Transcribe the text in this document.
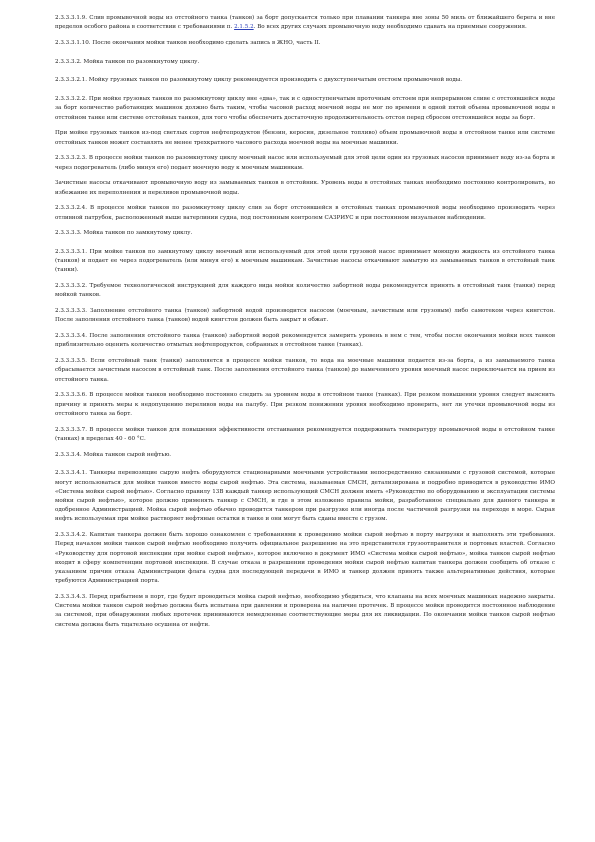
2.3.3.3.1.9. Слив промывочной воды из отстойного танка (танков) за борт допускается только при плавании танкера вне зоны 50 миль от ближайшего берега и вне пределов особого района в соответствии с требованиями п. 2.1.5.2. Во всех других случаях промывочную воду необходимо сдавать на приемные сооружения.

2.3.3.3.1.10. После окончания мойки танков необходимо сделать запись в ЖНО, часть II.

2.3.3.3.2. Мойка танков по разомкнутому циклу.

2.3.3.3.2.1. Мойку грузовых танков по разомкнутому циклу рекомендуется производить с двухступенчатым отстоем промывочной воды.

2.3.3.3.2.2. При мойке грузовых танков по разомкнутому циклу вне «два», так и с одноступенчатым проточным отстоем при непрерывном сливе с отстоявшейся воды за борт количество работающих машинок должно быть таким, чтобы часовой расход моечной воды не мог по времени в одной пятой объема промывочной воды в отстойном танке или системе отстойных танков, для того чтобы обеспечить достаточную продолжительность отстоя перед сбросом отстоявшейся воды за борт.

При мойке грузовых танков из-под светлых сортов нефтепродуктов (бензин, керосин, дизельное топливо) объем промывочной воды в отстойном танке или системе отстойных танков может составлять не менее трехкратного часового расхода моечной воды на моечные машинки.

2.3.3.3.2.3. В процессе мойки танков по разомкнутому циклу моечный насос или используемый для этой цели один из грузовых насосов принимает воду из-за борта и через подогреватель (либо минуя его) подает моечную воду к моечным машинкам.

Зачистные насосы откачивают промывочную воду из замываемых танков в отстойник. Уровень воды в отстойных танках необходимо постоянно контролировать, во избежание их переполнения и переливов промывочной воды.

2.3.3.3.2.4. В процессе мойки танков по разомкнутому циклу слив за борт отстоявшейся в отстойных танках промывочной воды необходимо производить через отливной патрубок, расположенный выше ватерлинии судна, под постоянным контролем САЗРИУС и при постоянном визуальном наблюдении.

2.3.3.3.3. Мойка танков по замкнутому циклу.

2.3.3.3.3.1. При мойке танков по замкнутому циклу моечный или используемый для этой цели грузовой насос принимает моющую жидкость из отстойного танка (танков) и подает ее через подогреватель (или минуя его) к моечным машинкам. Зачистные насосы откачивают замытую из замываемых танков в отстойный танк (танки).

2.3.3.3.3.2. Требуемое технологической инструкцией для каждого вида мойки количество забортной воды рекомендуется принять в отстойный танк (танки) перед мойкой танков.

2.3.3.3.3.3. Заполнение отстойного танка (танков) забортной водой производится насосом (моечным, зачистным или грузовым) либо самотеком через кингстон. После заполнения отстойного танка (танков) водой кингстон должен быть закрыт и обжат.

2.3.3.3.3.4. После заполнения отстойного танка (танков) забортной водой рекомендуется замерить уровень в нем с тем, чтобы после окончания мойки всех танков приблизительно оценить количество отмытых нефтепродуктов, собранных в отстойном танке (танках).

2.3.3.3.3.5. Если отстойный танк (танки) заполняется в процессе мойки танков, то вода на моечные машинки подается из-за борта, а из замываемого танка сбрасывается зачистным насосом в отстойный танк. После заполнения отстойного танка (танков) до намеченного уровня моечный насос переключается на прием из отстойного танка.

2.3.3.3.3.6. В процессе мойки танков необходимо постоянно следить за уровнем воды в отстойном танке (танках). При резком повышении уровня следует выяснить причину и принять меры к недопущению переливов воды на палубу. При резком понижении уровня необходимо проверить, нет ли утечки промывочной воды из отстойного танка за борт.

2.3.3.3.3.7. В процессе мойки танков для повышения эффективности отстаивания рекомендуется поддерживать температуру промывочной воды в отстойном танке (танках) в пределах 40 - 60 °С.

2.3.3.3.4. Мойка танков сырой нефтью.

2.3.3.3.4.1. Танкеры перевозящие сырую нефть оборудуются стационарными моечными устройствами непосредственно связанными с грузовой системой, которые могут использоваться для мойки танков вместо воды сырой нефтью. Эта система, называемая СМСН, детализирована и подробно приводится в руководстве ИМО «Система мойки сырой нефтью». Согласно правилу 13В каждый танкер использующий СМСН должен иметь «Руководство по оборудованию и эксплуатации системы мойки сырой нефтью», которое должно применять танкер с СМСН, и где в этом изложено правила мойки, разработанное специально для данного танкера и одобренное Администрацией. Мойка сырой нефтью обычно проводится танкером при разгрузке или иногда после частичной разгрузки на переходе в море. Сырая нефть используемая при мойке растворяет нефтяные остатки в танке и они могут быть сданы вместе с грузом.

2.3.3.3.4.2. Капитан танкера должен быть хорошо ознакомлен с требованиями к проведению мойки сырой нефтью в порту выгрузки и выполнять эти требования. Перед началом мойки танков сырой нефтью необходимо получить официальное разрешение на это представителя грузоотправителя и портовых властей. Согласно «Руководству для портовой инспекции при мойке сырой нефтью», которое включено в документ ИМО «Система мойки сырой нефтью», мойка танков сырой нефтью входит в сферу компетенции портовой инспекции. В случае отказа в разрешении проведения мойки сырой нефтью капитан танкера должен сообщить об отказе с указанием причин отказа Администрации флага судна для последующей передачи в ИМО и танкер должен принять также альтернативные действия, которые требуются Администрацией порта.

2.3.3.3.4.3. Перед прибытием в порт, где будет проводиться мойка сырой нефтью, необходимо убедиться, что клапаны на всех моечных машинках надежно закрыты. Система мойки танков сырой нефтью должна быть испытана при давлении и проверена на наличие протечек. В процессе мойки проводится постоянное наблюдение за системой, при обнаружении любых протечек принимаются немедленные соответствующие меры для их ликвидации. По окончании мойки танков сырой нефтью система должна быть тщательно осушена от нефти.
